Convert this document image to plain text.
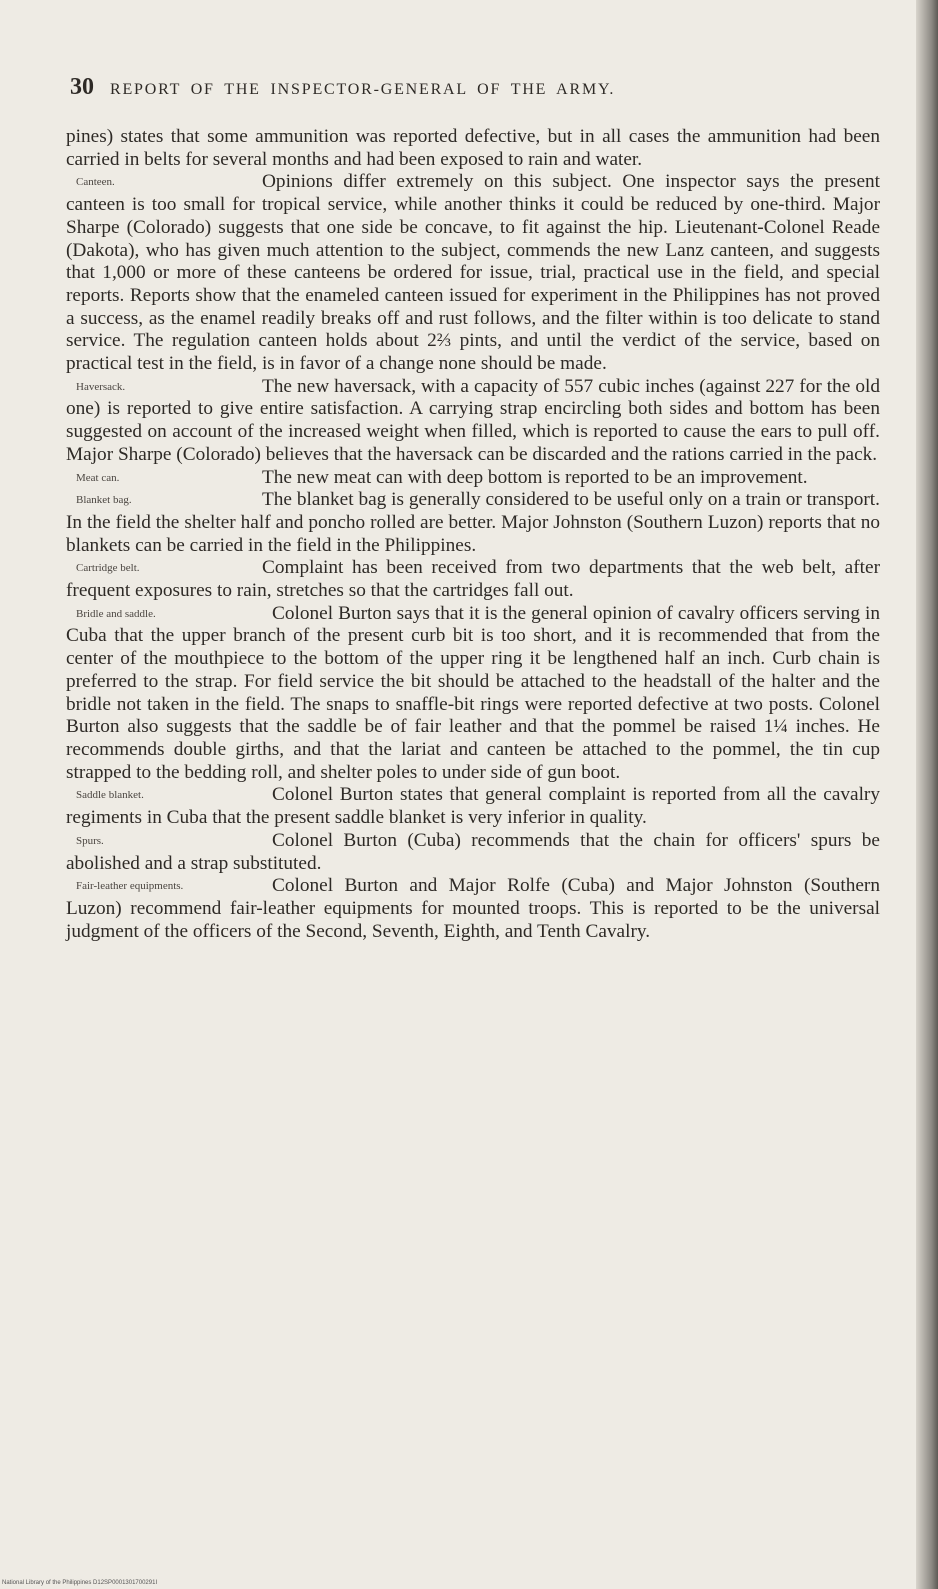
30 REPORT OF THE INSPECTOR-GENERAL OF THE ARMY.

pines) states that some ammunition was reported defective, but in all cases the ammunition had been carried in belts for several months and had been exposed to rain and water.

Canteen.	Opinions differ extremely on this subject. One inspector says the present canteen is too small for tropical service, while another thinks it could be reduced by one-third. Major Sharpe (Colorado) suggests that one side be concave, to fit against the hip. Lieutenant-Colonel Reade (Dakota), who has given much attention to the subject, commends the new Lanz canteen, and suggests that 1,000 or more of these canteens be ordered for issue, trial, practical use in the field, and special reports. Reports show that the enameled canteen issued for experiment in the Philippines has not proved a success, as the enamel readily breaks off and rust follows, and the filter within is too delicate to stand service. The regulation canteen holds about 2⅔ pints, and until the verdict of the service, based on practical test in the field, is in favor of a change none should be made.

Haversack.	The new haversack, with a capacity of 557 cubic inches (against 227 for the old one) is reported to give entire satisfaction. A carrying strap encircling both sides and bottom has been suggested on account of the increased weight when filled, which is reported to cause the ears to pull off. Major Sharpe (Colorado) believes that the haversack can be discarded and the rations carried in the pack.

Meat can.	The new meat can with deep bottom is reported to be an improvement.

Blanket bag.	The blanket bag is generally considered to be useful only on a train or transport. In the field the shelter half and poncho rolled are better. Major Johnston (Southern Luzon) reports that no blankets can be carried in the field in the Philippines.

Cartridge belt.	Complaint has been received from two departments that the web belt, after frequent exposures to rain, stretches so that the cartridges fall out.

Bridle and saddle.	Colonel Burton says that it is the general opinion of cavalry officers serving in Cuba that the upper branch of the present curb bit is too short, and it is recommended that from the center of the mouthpiece to the bottom of the upper ring it be lengthened half an inch. Curb chain is preferred to the strap. For field service the bit should be attached to the headstall of the halter and the bridle not taken in the field. The snaps to snaffle-bit rings were reported defective at two posts. Colonel Burton also suggests that the saddle be of fair leather and that the pommel be raised 1¼ inches. He recommends double girths, and that the lariat and canteen be attached to the pommel, the tin cup strapped to the bedding roll, and shelter poles to under side of gun boot.

Saddle blanket.	Colonel Burton states that general complaint is reported from all the cavalry regiments in Cuba that the present saddle blanket is very inferior in quality.

Spurs.	Colonel Burton (Cuba) recommends that the chain for officers' spurs be abolished and a strap substituted.

Fair-leather equipments.	Colonel Burton and Major Rolfe (Cuba) and Major Johnston (Southern Luzon) recommend fair-leather equipments for mounted troops. This is reported to be the universal judgment of the officers of the Second, Seventh, Eighth, and Tenth Cavalry.

National Library of the Philippines D12SP0001301700291I
